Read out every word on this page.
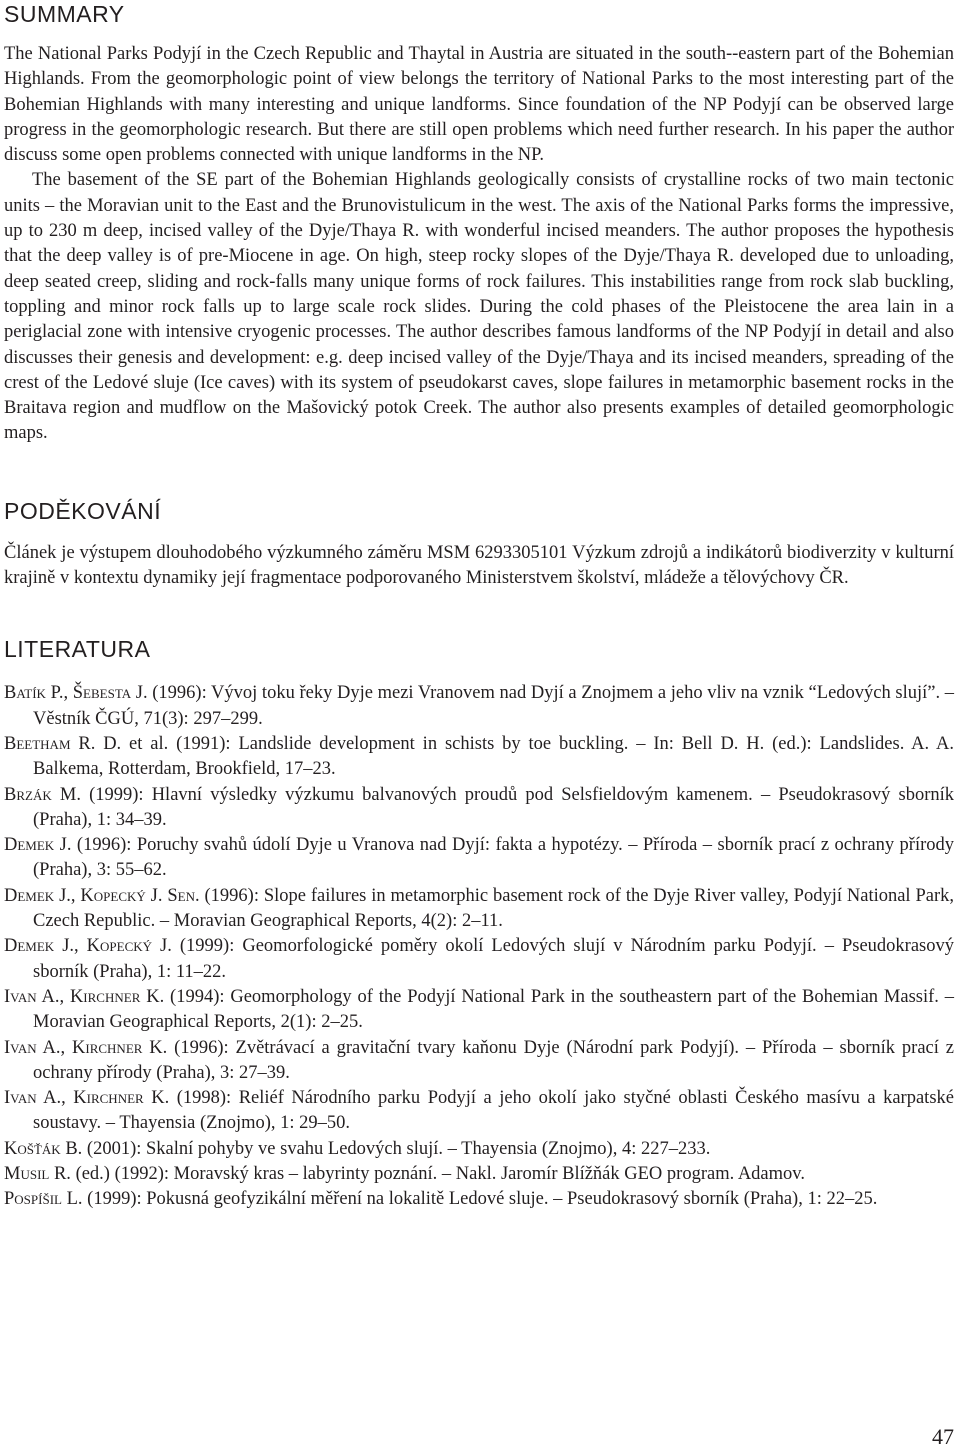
SUMMARY

The National Parks Podyjí in the Czech Republic and Thaytal in Austria are situated in the south--eastern part of the Bohemian Highlands. From the geomorphologic point of view belongs the territory of National Parks to the most interesting part of the Bohemian Highlands with many interesting and unique landforms. Since foundation of the NP Podyjí can be observed large progress in the geomorphologic research. But there are still open problems which need further research. In his paper the author discuss some open problems connected with unique landforms in the NP.

The basement of the SE part of the Bohemian Highlands geologically consists of crystalline rocks of two main tectonic units – the Moravian unit to the East and the Brunovistulicum in the west. The axis of the National Parks forms the impressive, up to 230 m deep, incised valley of the Dyje/Thaya R. with wonderful incised meanders. The author proposes the hypothesis that the deep valley is of pre-Miocene in age. On high, steep rocky slopes of the Dyje/Thaya R. developed due to unloading, deep seated creep, sliding and rock-falls many unique forms of rock failures. This instabilities range from rock slab buckling, toppling and minor rock falls up to large scale rock slides. During the cold phases of the Pleistocene the area lain in a periglacial zone with intensive cryogenic processes. The author describes famous landforms of the NP Podyjí in detail and also discusses their genesis and development: e.g. deep incised valley of the Dyje/Thaya and its incised meanders, spreading of the crest of the Ledové sluje (Ice caves) with its system of pseudokarst caves, slope failures in metamorphic basement rocks in the Braitava region and mudflow on the Mašovický potok Creek. The author also presents examples of detailed geomorphologic maps.

PODĚKOVÁNÍ

Článek je výstupem dlouhodobého výzkumného záměru MSM 6293305101 Výzkum zdrojů a indikátorů biodiverzity v kulturní krajině v kontextu dynamiky její fragmentace podporovaného Ministerstvem školství, mládeže a tělovýchovy ČR.

LITERATURA
Batík P., Šebesta J. (1996): Vývoj toku řeky Dyje mezi Vranovem nad Dyjí a Znojmem a jeho vliv na vznik “Ledových slují”. – Věstník ČGÚ, 71(3): 297–299.
Beetham R. D. et al. (1991): Landslide development in schists by toe buckling. – In: Bell D. H. (ed.): Landslides. A. A. Balkema, Rotterdam, Brookfield, 17–23.
Brzák M. (1999): Hlavní výsledky výzkumu balvanových proudů pod Selsfieldovým kamenem. – Pseudokrasový sborník (Praha), 1: 34–39.
Demek J. (1996): Poruchy svahů údolí Dyje u Vranova nad Dyjí: fakta a hypotézy. – Příroda – sborník prací z ochrany přírody (Praha), 3: 55–62.
Demek J., Kopecký J. Sen. (1996): Slope failures in metamorphic basement rock of the Dyje River valley, Podyjí National Park, Czech Republic. – Moravian Geographical Reports, 4(2): 2–11.
Demek J., Kopecký J. (1999): Geomorfologické poměry okolí Ledových slují v Národním parku Podyjí. – Pseudokrasový sborník (Praha), 1: 11–22.
Ivan A., Kirchner K. (1994): Geomorphology of the Podyjí National Park in the southeastern part of the Bohemian Massif. – Moravian Geographical Reports, 2(1): 2–25.
Ivan A., Kirchner K. (1996): Zvětrávací a gravitační tvary kaňonu Dyje (Národní park Podyjí). – Příroda – sborník prací z ochrany přírody (Praha), 3: 27–39.
Ivan A., Kirchner K. (1998): Reliéf Národního parku Podyjí a jeho okolí jako styčné oblasti Českého masívu a karpatské soustavy. – Thayensia (Znojmo), 1: 29–50.
Košťák B. (2001): Skalní pohyby ve svahu Ledových slují. – Thayensia (Znojmo), 4: 227–233.
Musil R. (ed.) (1992): Moravský kras – labyrinty poznání. – Nakl. Jaromír Blížňák GEO program. Adamov.
Pospíšil L. (1999): Pokusná geofyzikální měření na lokalitě Ledové sluje. – Pseudokrasový sborník (Praha), 1: 22–25.
47
